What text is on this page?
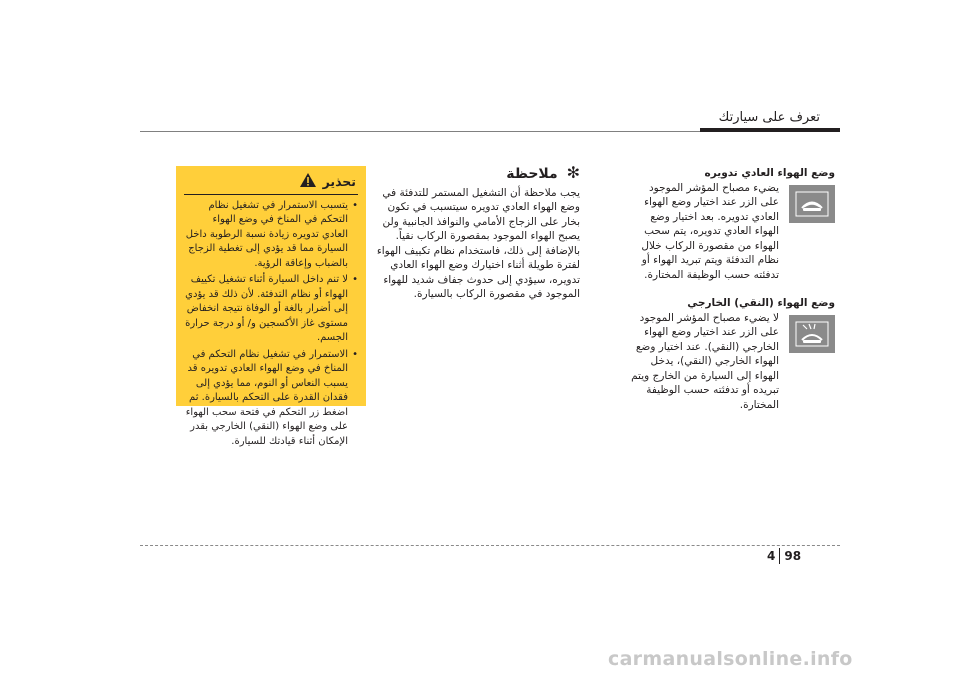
تعرف على سيارتك

وضع الهواء العادي تدويره

يضيء مصباح المؤشر الموجود على الزر عند اختيار وضع الهواء العادي تدويره. بعد اختيار وضع الهواء العادي تدويره، يتم سحب الهواء من مقصورة الركاب خلال نظام التدفئة ويتم تبريد الهواء أو تدفئته حسب الوظيفة المختارة.

وضع الهواء (النقي) الخارجي

لا يضيء مصباح المؤشر الموجود على الزر عند اختيار وضع الهواء الخارجي (النقي). عند اختيار وضع الهواء الخارجي (النقي)، يدخل الهواء إلى السيارة من الخارج ويتم تبريده أو تدفئته حسب الوظيفة المختارة.

✻ ملاحظة

يجب ملاحظة أن التشغيل المستمر للتدفئة في وضع الهواء العادي تدويره سيتسبب في تكون بخار على الزجاج الأمامي والنوافذ الجانبية ولن يصبح الهواء الموجود بمقصورة الركاب نقياً. بالإضافة إلى ذلك، فاستخدام نظام تكييف الهواء لفترة طويلة أثناء اختيارك وضع الهواء العادي تدويره، سيؤدي إلى حدوث جفاف شديد للهواء الموجود في مقصورة الركاب بالسيارة.

تحذير
• يتسبب الاستمرار في تشغيل نظام التحكم في المناخ في وضع الهواء العادي تدويره زيادة نسبة الرطوبة داخل السيارة مما قد يؤدي إلى تغطية الزجاج بالضباب وإعاقة الرؤية.
• لا تنم داخل السيارة أثناء تشغيل تكييف الهواء أو نظام التدفئة. لأن ذلك قد يؤدي إلى أضرار بالغة أو الوفاة نتيجة انخفاض مستوى غاز الأكسجين و/ أو درجة حرارة الجسم.
• الاستمرار في تشغيل نظام التحكم في المناخ في وضع الهواء العادي تدويره قد يسبب النعاس أو النوم، مما يؤدي إلى فقدان القدرة على التحكم بالسيارة. ثم اضغط زر التحكم في فتحة سحب الهواء على وضع الهواء (النقي) الخارجي بقدر الإمكان أثناء قيادتك للسيارة.
4 98
carmanualsonline.info
